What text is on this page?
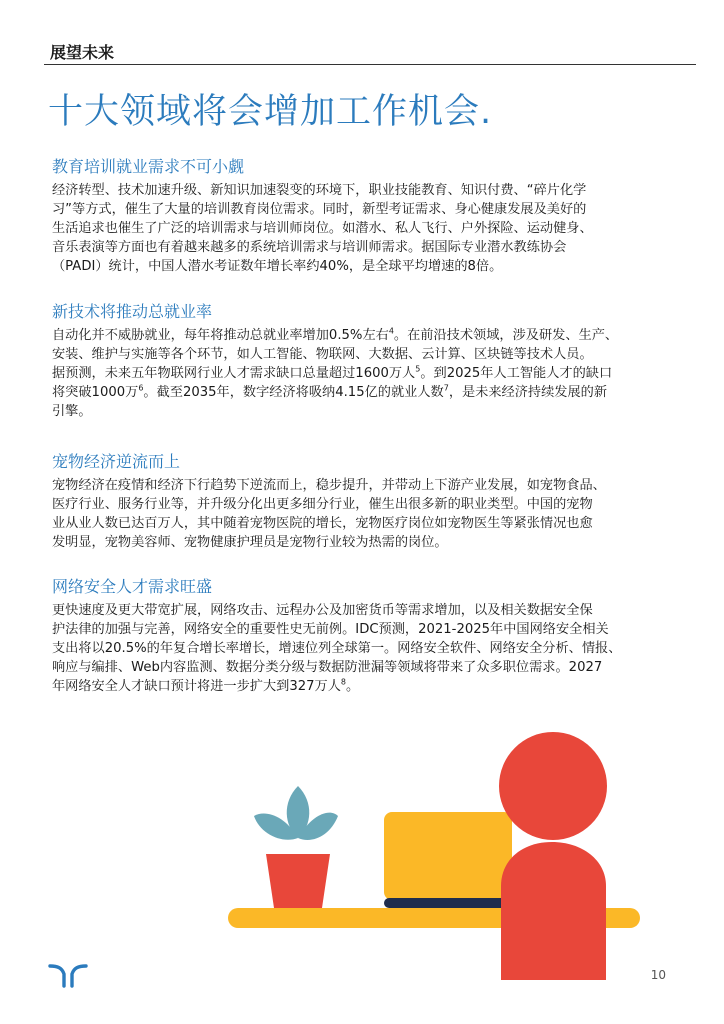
展望未来
十大领域将会增加工作机会.
教育培训就业需求不可小觑

经济转型、技术加速升级、新知识加速裂变的环境下，职业技能教育、知识付费、“碎片化学

习”等方式，催生了大量的培训教育岗位需求。同时，新型考证需求、身心健康发展及美好的

生活追求也催生了广泛的培训需求与培训师岗位。如潜水、私人飞行、户外探险、运动健身、

音乐表演等方面也有着越来越多的系统培训需求与培训师需求。据国际专业潜水教练协会

（PADI）统计，中国人潜水考证数年增长率约40%，是全球平均增速的8倍。

新技术将推动总就业率

自动化并不威胁就业，每年将推动总就业率增加0.5%左右$^4$。在前沿技术领域，涉及研发、生产、

安装、维护与实施等各个环节，如人工智能、物联网、大数据、云计算、区块链等技术人员。

据预测，未来五年物联网行业人才需求缺口总量超过1600万人$^5$。到2025年人工智能人才的缺口

将突破1000万$^6$。截至2035年，数字经济将吸纳4.15亿的就业人数$^7$，是未来经济持续发展的新

引擎。

宠物经济逆流而上

宠物经济在疫情和经济下行趋势下逆流而上，稳步提升，并带动上下游产业发展，如宠物食品、

医疗行业、服务行业等，并升级分化出更多细分行业，催生出很多新的职业类型。中国的宠物

业从业人数已达百万人，其中随着宠物医院的增长，宠物医疗岗位如宠物医生等紧张情况也愈

发明显，宠物美容师、宠物健康护理员是宠物行业较为热需的岗位。

网络安全人才需求旺盛

更快速度及更大带宽扩展，网络攻击、远程办公及加密货币等需求增加，以及相关数据安全保

护法律的加强与完善，网络安全的重要性史无前例。IDC预测，2021-2025年中国网络安全相关

支出将以20.5%的年复合增长率增长，增速位列全球第一。网络安全软件、网络安全分析、情报、

响应与编排、Web内容监测、数据分类分级与数据防泄漏等领域将带来了众多职位需求。2027

年网络安全人才缺口预计将进一步扩大到327万人$^8$。

10
